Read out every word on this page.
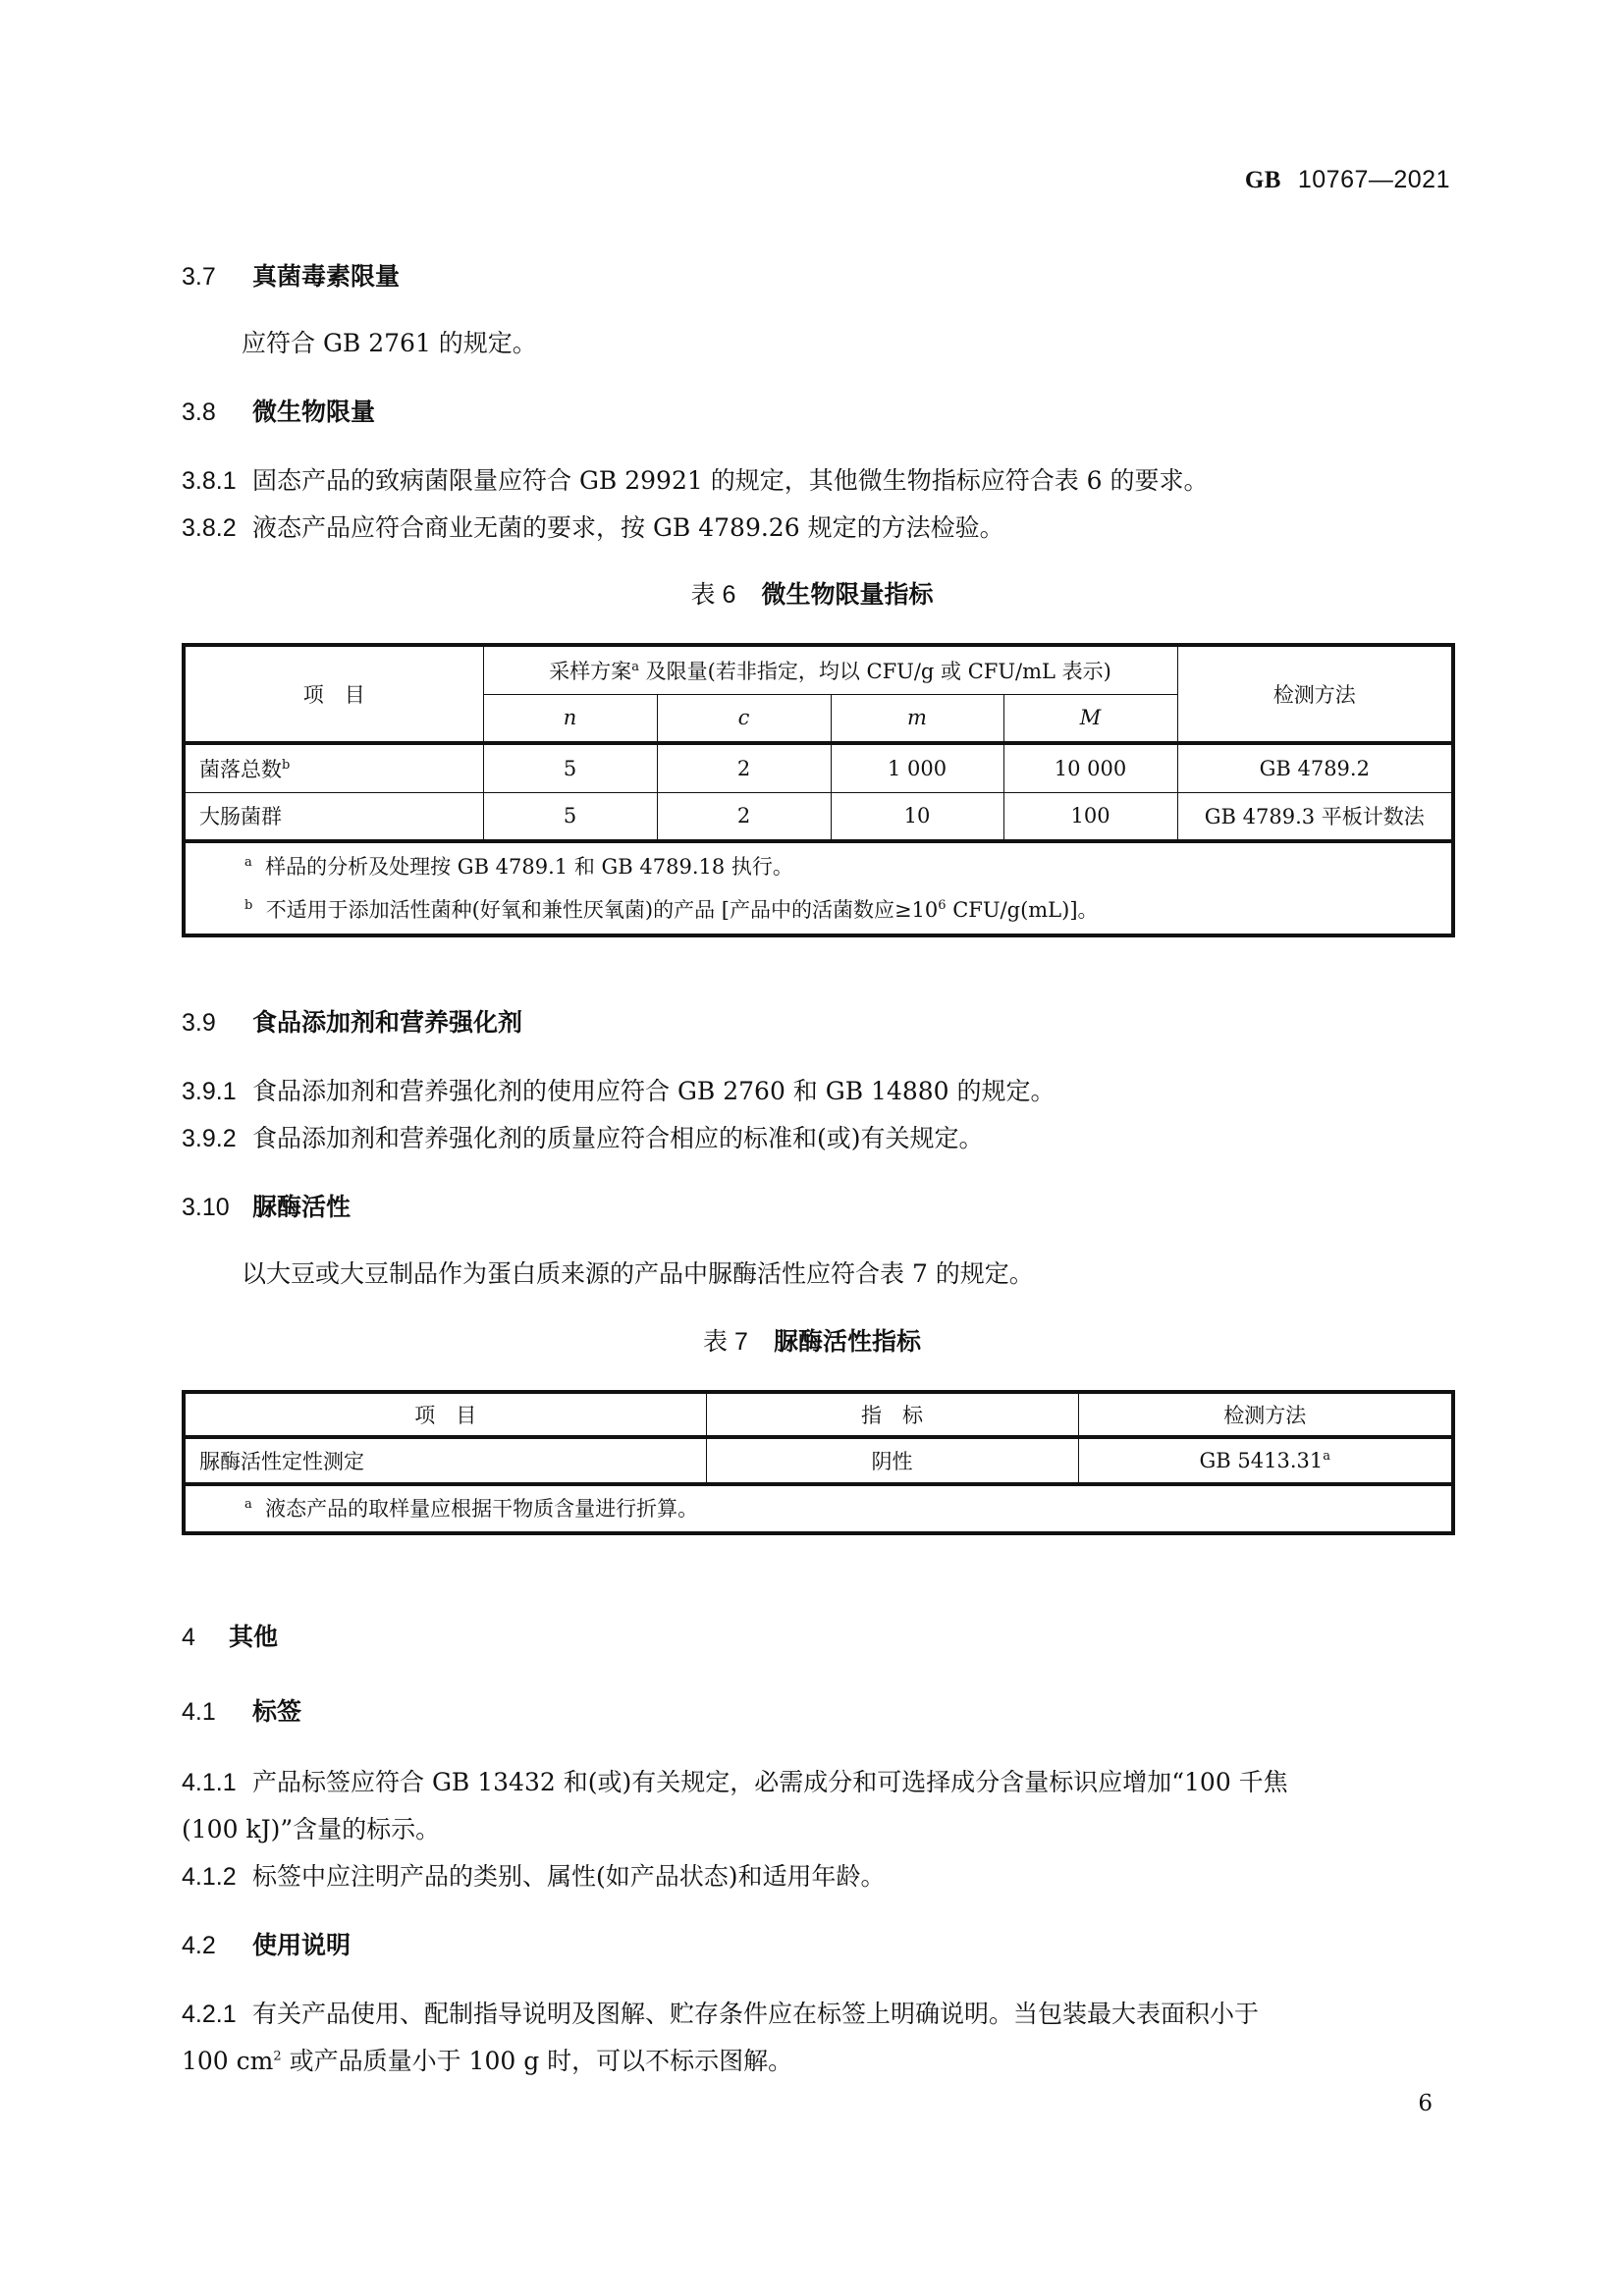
GB 10767—2021
3.7 真菌毒素限量
应符合 GB 2761 的规定。
3.8 微生物限量
3.8.1 固态产品的致病菌限量应符合 GB 29921 的规定，其他微生物指标应符合表 6 的要求。
3.8.2 液态产品应符合商业无菌的要求，按 GB 4789.26 规定的方法检验。
表 6 微生物限量指标
项　目	采样方案$^a$ 及限量(若非指定，均以 CFU/g 或 CFU/mL 表示)				检测方法
	n	c	m	M	
菌落总数$^b$	5	2	1 000	10 000	GB 4789.2
大肠菌群	5	2	10	100	GB 4789.3 平板计数法

$^a$ 样品的分析及处理按 GB 4789.1 和 GB 4789.18 执行。
$^b$ 不适用于添加活性菌种(好氧和兼性厌氧菌)的产品 [产品中的活菌数应$\ge 10^6$ CFU/g(mL)]。					
3.9 食品添加剂和营养强化剂
3.9.1 食品添加剂和营养强化剂的使用应符合 GB 2760 和 GB 14880 的规定。
3.9.2 食品添加剂和营养强化剂的质量应符合相应的标准和(或)有关规定。
3.10 脲酶活性
以大豆或大豆制品作为蛋白质来源的产品中脲酶活性应符合表 7 的规定。
表 7 脲酶活性指标
项　目	指　标	检测方法
脲酶活性定性测定	阴性	GB 5413.31$^a$

$^a$ 液态产品的取样量应根据干物质含量进行折算。		
4 其他
4.1 标签
4.1.1 产品标签应符合 GB 13432 和(或)有关规定，必需成分和可选择成分含量标识应增加“100 千焦
(100 kJ)”含量的标示。
4.1.2 标签中应注明产品的类别、属性(如产品状态)和适用年龄。
4.2 使用说明
4.2.1 有关产品使用、配制指导说明及图解、贮存条件应在标签上明确说明。当包装最大表面积小于
100 $cm^2$ 或产品质量小于 100 g 时，可以不标示图解。
6
